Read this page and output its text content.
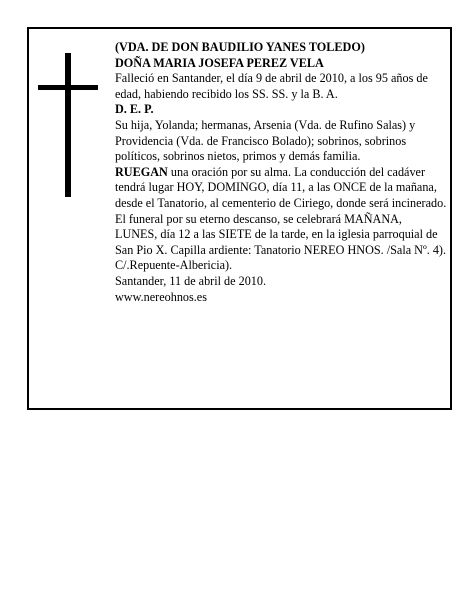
(VDA. DE DON BAUDILIO YANES TOLEDO)

DOÑA MARIA JOSEFA PEREZ VELA

Falleció en Santander, el día 9 de abril de 2010, a los 95 años de edad, habiendo recibido los SS. SS. y la B. A.

D. E. P.

Su hija, Yolanda; hermanas, Arsenia (Vda. de Rufino Salas) y Providencia (Vda. de Francisco Bolado); sobrinos, sobrinos políticos, sobrinos nietos, primos y demás familia.

RUEGAN una oración por su alma. La conducción del cadáver tendrá lugar HOY, DOMINGO, día 11, a las ONCE de la mañana, desde el Tanatorio, al cementerio de Ciriego, donde será incinerado. El funeral por su eterno descanso, se celebrará MAÑANA, LUNES, día 12 a las SIETE de la tarde, en la iglesia parroquial de San Pio X. Capilla ardiente: Tanatorio NEREO HNOS. /Sala Nº. 4). C/.Repuente-Albericia).

Santander, 11 de abril de 2010.

www.nereohnos.es
